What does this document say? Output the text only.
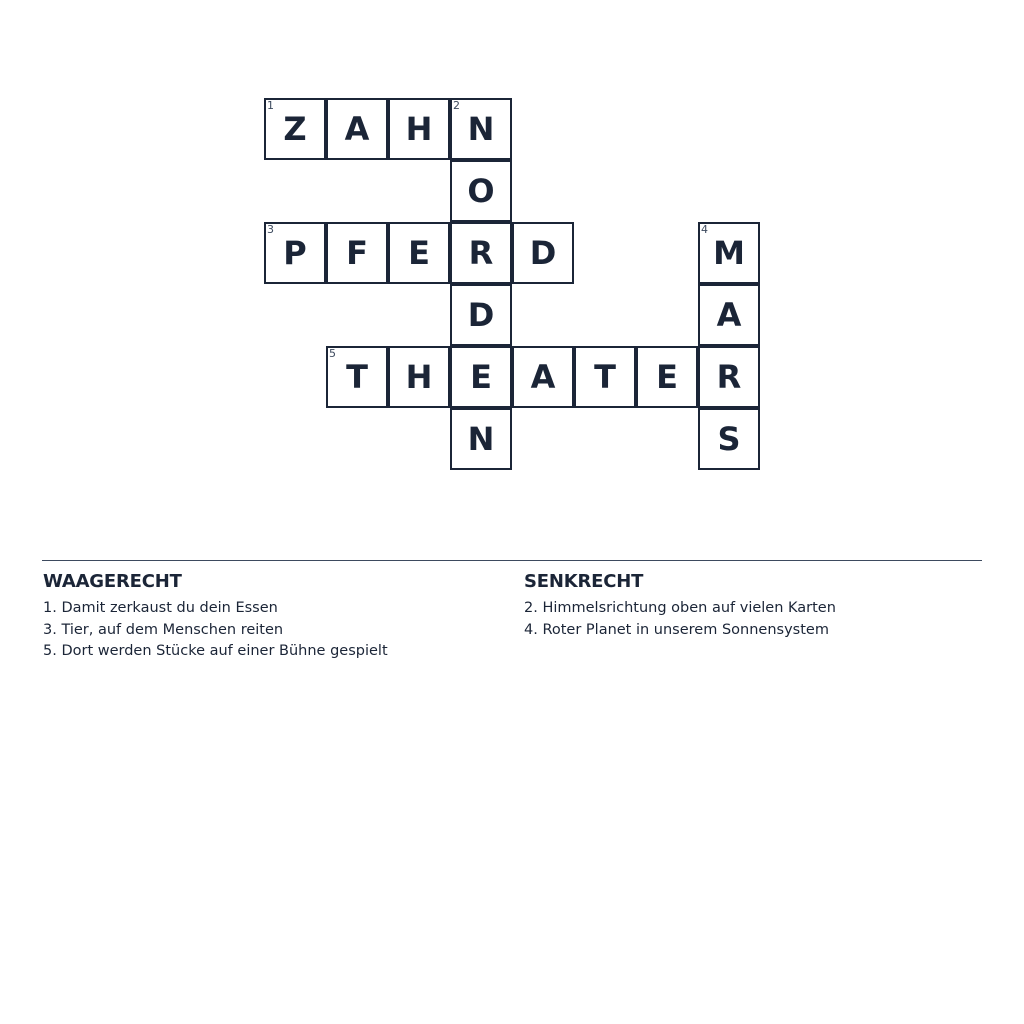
1
Z	A	H
2
N
O
3
P	F	E	R	D
4
M
D	A
5
T	H	E	A	T	E	R
N	S
WAAGERECHT
1. Damit zerkaust du dein Essen
3. Tier, auf dem Menschen reiten
5. Dort werden Stücke auf einer Bühne gespielt
SENKRECHT
2. Himmelsrichtung oben auf vielen Karten
4. Roter Planet in unserem Sonnensystem
